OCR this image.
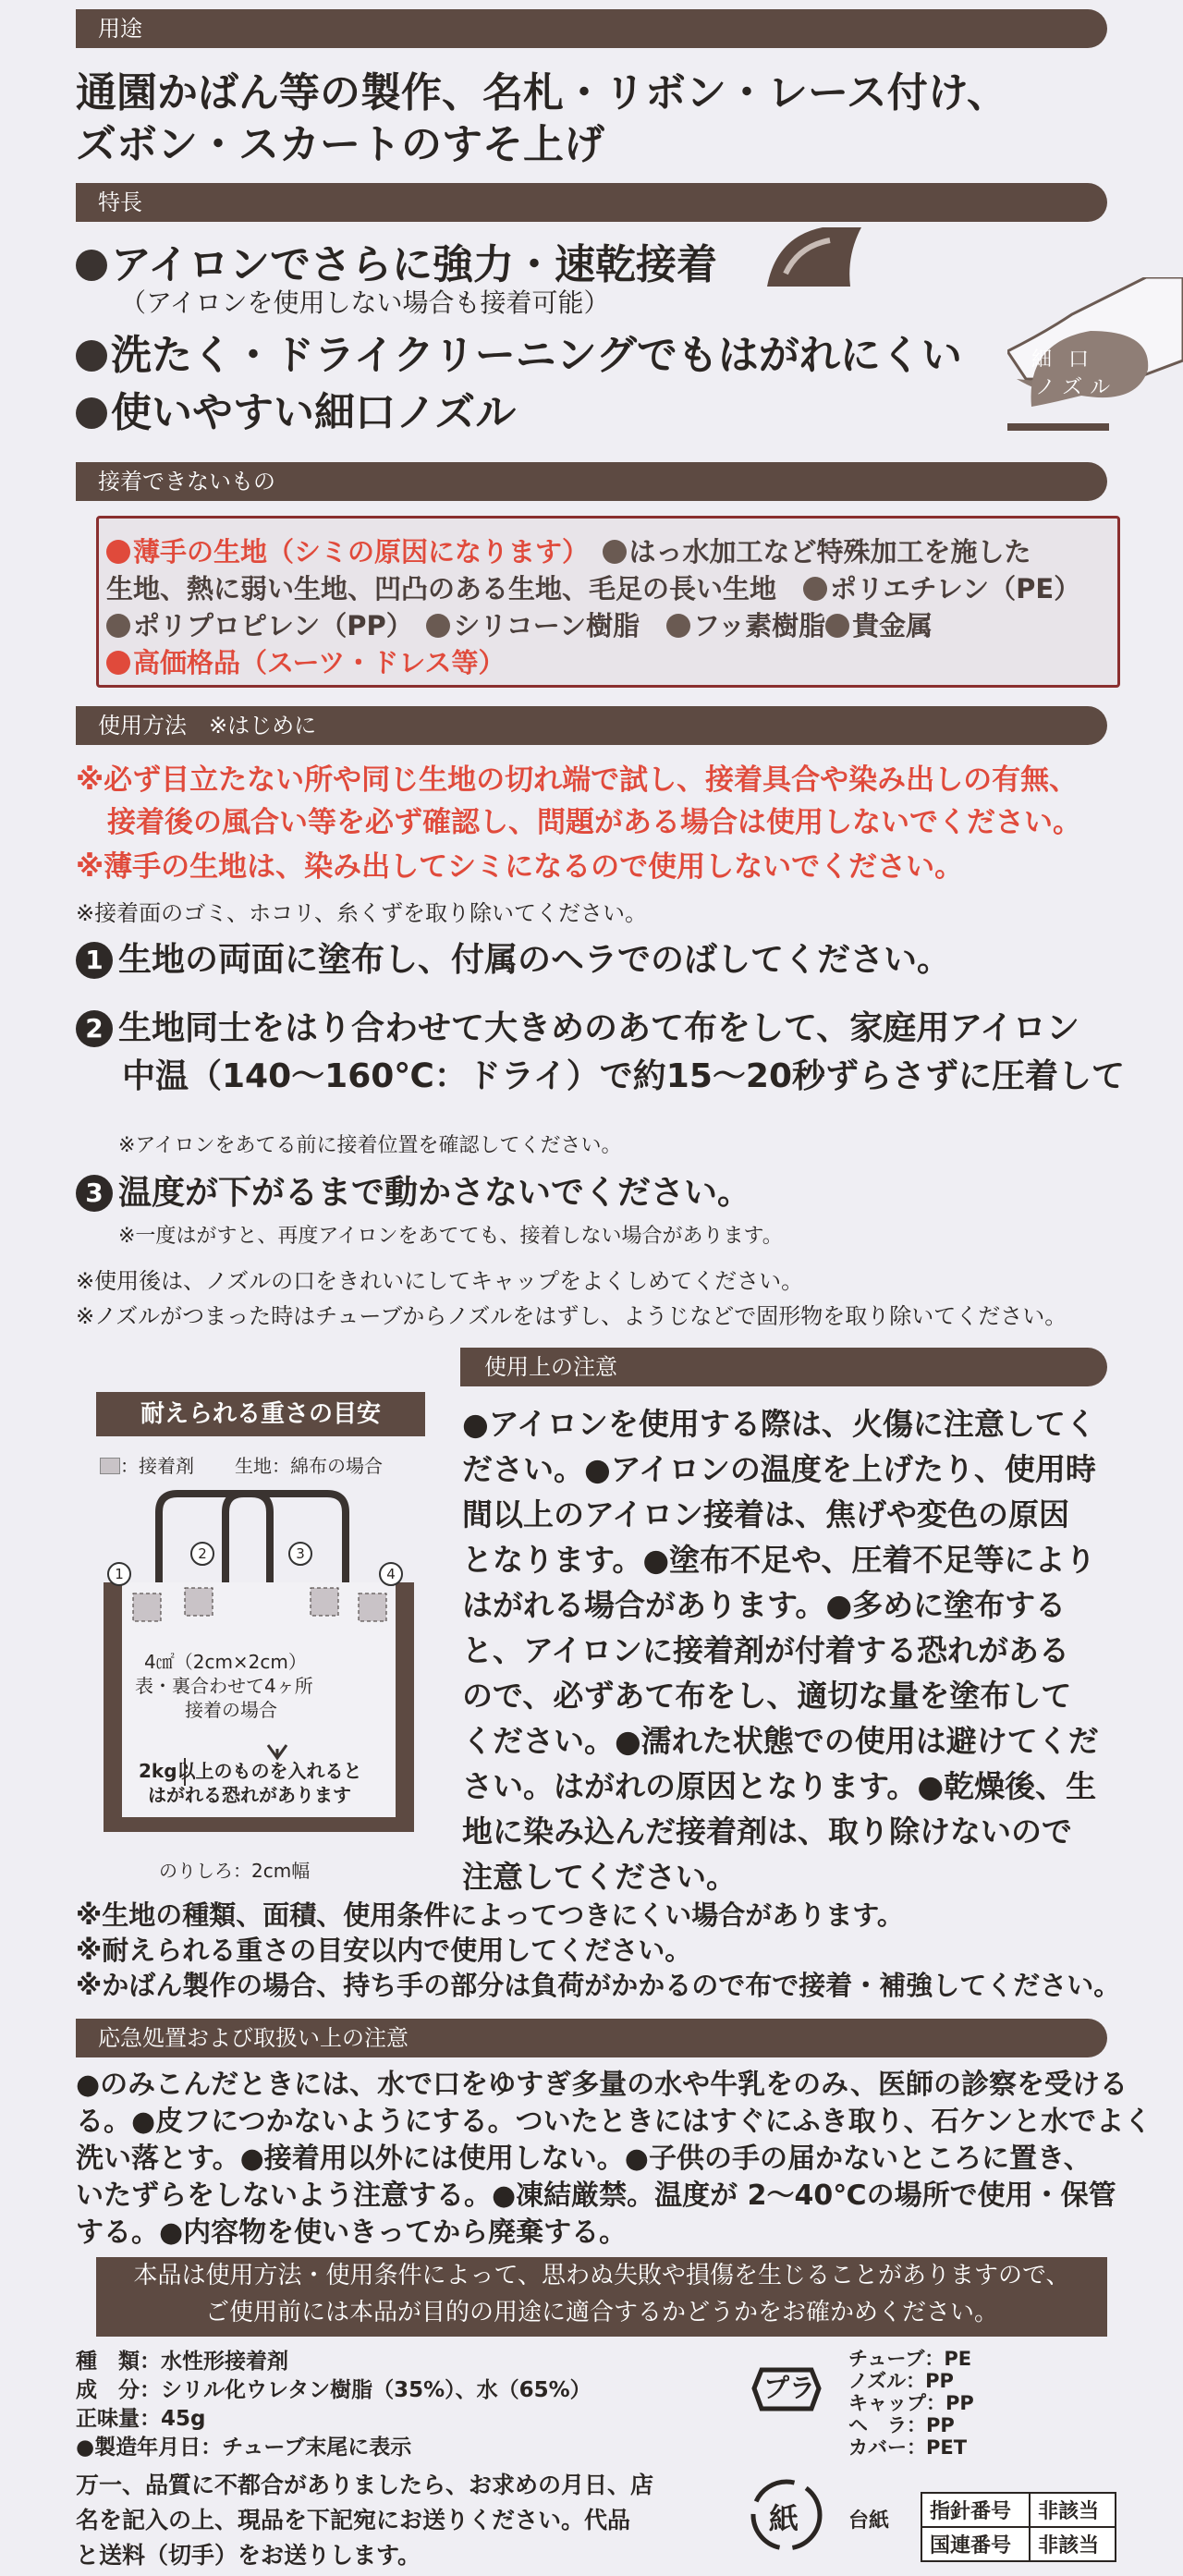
用途
通園かばん等の製作、名札・リボン・レース付け、
ズボン・スカートのすそ上げ
特長
アイロンでさらに強力・速乾接着
（アイロンを使用しない場合も接着可能）
洗たく・ドライクリーニングでもはがれにくい
使いやすい細口ノズル
細口
ノズル
接着できないもの
薄手の生地（シミの原因になります）　 はっ水加工など特殊加工を施した
生地、熱に弱い生地、凹凸のある生地、毛足の長い生地　 ポリエチレン（PE）
ポリプロピレン（PP）　 シリコーン樹脂　 フッ素樹脂 貴金属
高価格品（スーツ・ドレス等）
使用方法　※はじめに
※必ず目立たない所や同じ生地の切れ端で試し、接着具合や染み出しの有無、
接着後の風合い等を必ず確認し、問題がある場合は使用しないでください。
※薄手の生地は、染み出してシミになるので使用しないでください。
※接着面のゴミ、ホコリ、糸くずを取り除いてください。
1 生地の両面に塗布し、付属のヘラでのばしてください。
2 生地同士をはり合わせて大きめのあて布をして、家庭用アイロン
中温（140～160℃：ドライ）で約15～20秒ずらさずに圧着して
※アイロンをあてる前に接着位置を確認してください。
3 温度が下がるまで動かさないでください。
※一度はがすと、再度アイロンをあてても、接着しない場合があります。
※使用後は、ノズルの口をきれいにしてキャップをよくしめてください。
※ノズルがつまった時はチューブからノズルをはずし、ようじなどで固形物を取り除いてください。
使用上の注意
●アイロンを使用する際は、火傷に注意してく
ださい。●アイロンの温度を上げたり、使用時
間以上のアイロン接着は、焦げや変色の原因
となります。●塗布不足や、圧着不足等により
はがれる場合があります。●多めに塗布する
と、アイロンに接着剤が付着する恐れがある
ので、必ずあて布をし、適切な量を塗布して
ください。●濡れた状態での使用は避けてくだ
さい。はがれの原因となります。●乾燥後、生
地に染み込んだ接着剤は、取り除けないので
注意してください。
耐えられる重さの目安
：接着剤 生地：綿布の場合
1
2	3
4
4㎠（2cm×2cm）
表・裏合わせて4ヶ所
接着の場合
2kg以上のものを入れると
はがれる恐れがあります
のりしろ：2cm幅
※生地の種類、面積、使用条件によってつきにくい場合があります。
※耐えられる重さの目安以内で使用してください。
※かばん製作の場合、持ち手の部分は負荷がかかるので布で接着・補強してください。
応急処置および取扱い上の注意
●のみこんだときには、水で口をゆすぎ多量の水や牛乳をのみ、医師の診察を受ける
る。●皮フにつかないようにする。ついたときにはすぐにふき取り、石ケンと水でよく
洗い落とす。●接着用以外には使用しない。●子供の手の届かないところに置き、
いたずらをしないよう注意する。●凍結厳禁。温度が 2～40℃の場所で使用・保管
する。●内容物を使いきってから廃棄する。
本品は使用方法・使用条件によって、思わぬ失敗や損傷を生じることがありますので、
ご使用前には本品が目的の用途に適合するかどうかをお確かめください。
種　類：水性形接着剤
成　分：シリル化ウレタン樹脂（35%）、水（65%）
正味量：45g
●製造年月日：チューブ末尾に表示
万一、品質に不都合がありましたら、お求めの月日、店
名を記入の上、現品を下記宛にお送りください。代品
と送料（切手）をお送りします。
プラ
紙 台紙
チューブ：PE
ノズル：PP
キャップ：PP
ヘ　ラ：PP
カバー：PET
指針番号	非該当
国連番号	非該当
